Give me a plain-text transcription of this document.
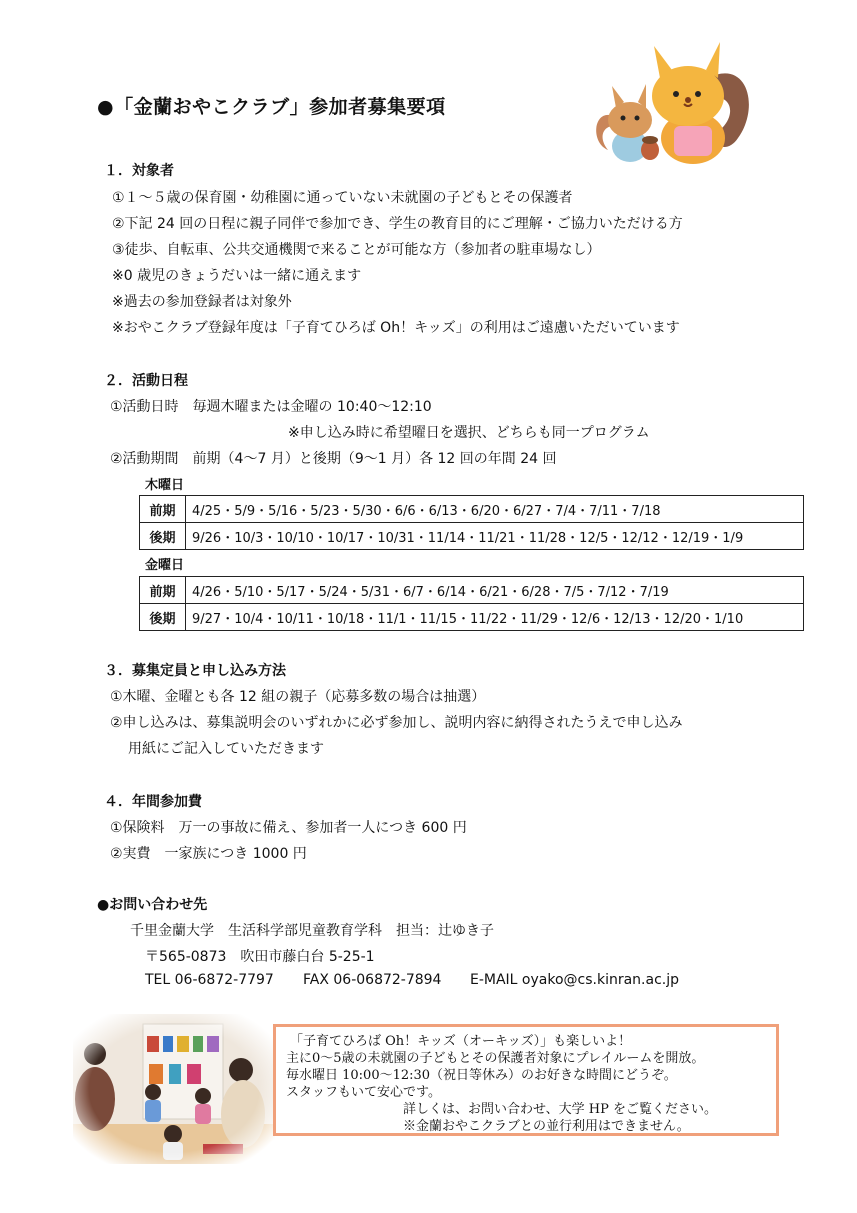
●「金蘭おやこクラブ」参加者募集要項
１．対象者
①１～５歳の保育園・幼稚園に通っていない未就園の子どもとその保護者
②下記 24 回の日程に親子同伴で参加でき、学生の教育目的にご理解・ご協力いただける方
③徒歩、自転車、公共交通機関で来ることが可能な方（参加者の駐車場なし）
※0 歳児のきょうだいは一緒に通えます
※過去の参加登録者は対象外
※おやこクラブ登録年度は「子育てひろば Oh！キッズ」の利用はご遠慮いただいています
２．活動日程
①活動日時　毎週木曜または金曜の 10:40～12:10
※申し込み時に希望曜日を選択、どちらも同一プログラム
②活動期間　前期（4～7 月）と後期（9～1 月）各 12 回の年間 24 回
木曜日
前期	4/25・5/9・5/16・5/23・5/30・6/6・6/13・6/20・6/27・7/4・7/11・7/18
後期	9/26・10/3・10/10・10/17・10/31・11/14・11/21・11/28・12/5・12/12・12/19・1/9
金曜日
前期	4/26・5/10・5/17・5/24・5/31・6/7・6/14・6/21・6/28・7/5・7/12・7/19
後期	9/27・10/4・10/11・10/18・11/1・11/15・11/22・11/29・12/6・12/13・12/20・1/10
３．募集定員と申し込み方法
①木曜、金曜とも各 12 組の親子（応募多数の場合は抽選）
②申し込みは、募集説明会のいずれかに必ず参加し、説明内容に納得されたうえで申し込み
用紙にご記入していただきます
４．年間参加費
①保険料　万一の事故に備え、参加者一人につき 600 円
②実費　一家族につき 1000 円
●お問い合わせ先
千里金蘭大学　生活科学部児童教育学科　担当：辻ゆき子
〒565-0873　吹田市藤白台 5-25-1
TEL 06-6872-7797 FAX 06-06872-7894 E-MAIL oyako@cs.kinran.ac.jp
「子育てひろば Oh！キッズ（オーキッズ）」も楽しいよ！
主に0～5歳の未就園の子どもとその保護者対象にプレイルームを開放。
毎水曜日 10:00～12:30（祝日等休み）のお好きな時間にどうぞ。
スタッフもいて安心です。
詳しくは、お問い合わせ、大学 HP をご覧ください。
※金蘭おやこクラブとの並行利用はできません。
